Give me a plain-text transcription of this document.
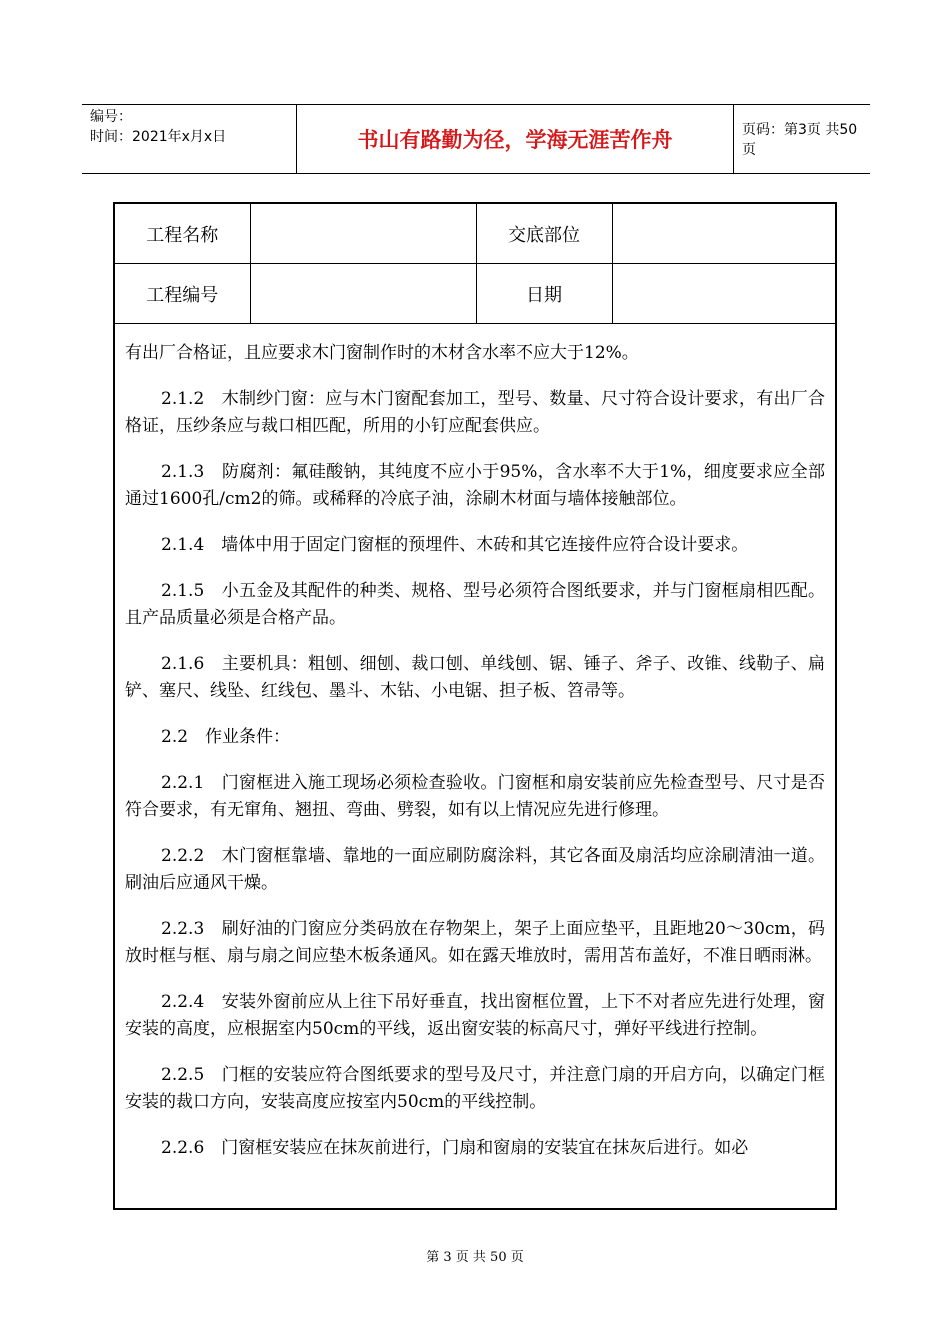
编号：
时间：2021年x月x日	书山有路勤为径，学海无涯苦作舟	页码：第3页 共50页
工程名称		交底部位	
工程编号		日期	

有出厂合格证，且应要求木门窗制作时的木材含水率不应大于12%。

2.1.2　木制纱门窗：应与木门窗配套加工，型号、数量、尺寸符合设计要求，有出厂合格证，压纱条应与裁口相匹配，所用的小钉应配套供应。

2.1.3　防腐剂：氟硅酸钠，其纯度不应小于95%，含水率不大于1%，细度要求应全部通过1600孔/cm2的筛。或稀释的冷底子油，涂刷木材面与墙体接触部位。

2.1.4　墙体中用于固定门窗框的预埋件、木砖和其它连接件应符合设计要求。

2.1.5　小五金及其配件的种类、规格、型号必须符合图纸要求，并与门窗框扇相匹配。且产品质量必须是合格产品。

2.1.6　主要机具：粗刨、细刨、裁口刨、单线刨、锯、锤子、斧子、改锥、线勒子、扁铲、塞尺、线坠、红线包、墨斗、木钻、小电锯、担子板、笤帚等。

2.2　作业条件：

2.2.1　门窗框进入施工现场必须检查验收。门窗框和扇安装前应先检查型号、尺寸是否符合要求，有无窜角、翘扭、弯曲、劈裂，如有以上情况应先进行修理。

2.2.2　木门窗框靠墙、靠地的一面应刷防腐涂料，其它各面及扇活均应涂刷清油一道。刷油后应通风干燥。

2.2.3　刷好油的门窗应分类码放在存物架上，架子上面应垫平，且距地20～30cm，码放时框与框、扇与扇之间应垫木板条通风。如在露天堆放时，需用苫布盖好，不准日晒雨淋。

2.2.4　安装外窗前应从上往下吊好垂直，找出窗框位置，上下不对者应先进行处理，窗安装的高度，应根据室内50cm的平线，返出窗安装的标高尺寸，弹好平线进行控制。

2.2.5　门框的安装应符合图纸要求的型号及尺寸，并注意门扇的开启方向，以确定门框安装的裁口方向，安装高度应按室内50cm的平线控制。

2.2.6　门窗框安装应在抹灰前进行，门扇和窗扇的安装宜在抹灰后进行。如必

第 3 页 共 50 页
